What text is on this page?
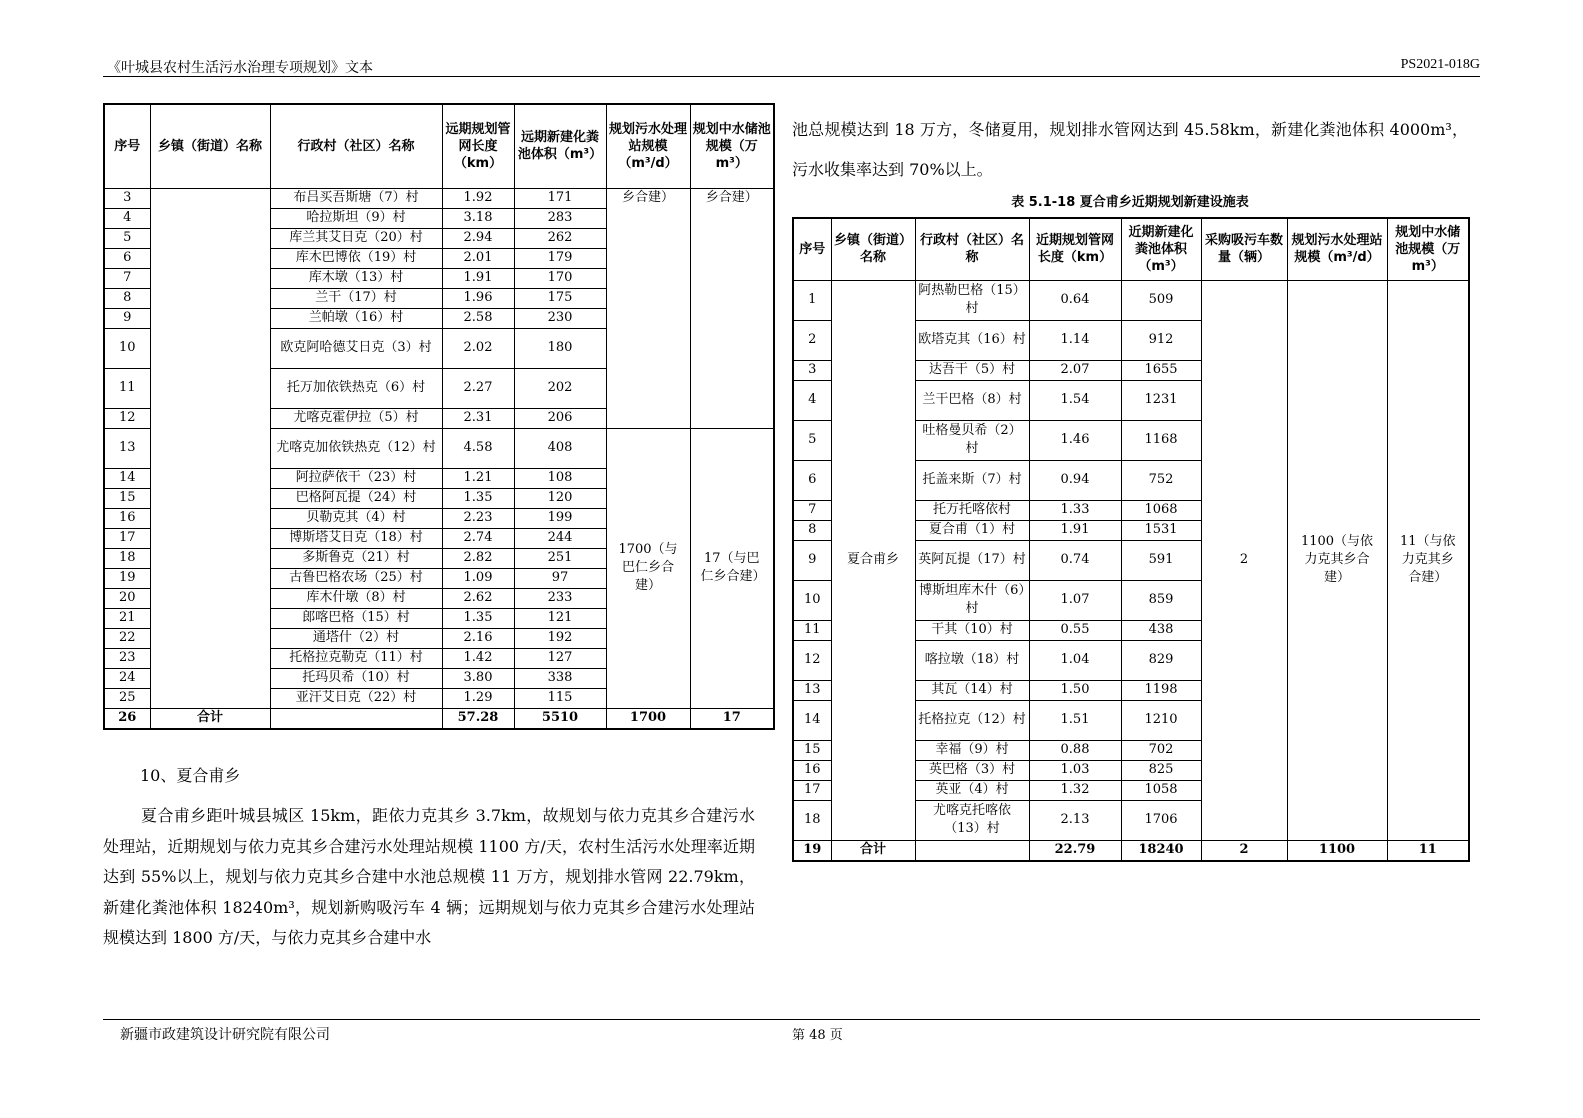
《叶城县农村生活污水治理专项规划》文本	PS2021-018G
序号	乡镇（街道）名称	行政村（社区）名称	远期规划管网长度（km）	远期新建化粪池体积（m³）	规划污水处理站规模（m³/d）	规划中水储池规模（万 m³）
3		布吕买吾斯塘（7）村	1.92	171	乡合建）	乡合建）
4		哈拉斯坦（9）村	3.18	283		
5		库兰其艾日克（20）村	2.94	262		
6		库木巴博依（19）村	2.01	179		
7		库木墩（13）村	1.91	170		
8		兰干（17）村	1.96	175		
9		兰帕墩（16）村	2.58	230		
10		欧克阿哈德艾日克（3）村	2.02	180		
11		托万加依铁热克（6）村	2.27	202		
12		尤喀克霍伊拉（5）村	2.31	206		
13		尤喀克加依铁热克（12）村	4.58	408	1700（与巴仁乡合建）	17（与巴仁乡合建）
14		阿拉萨依干（23）村	1.21	108		
15		巴格阿瓦提（24）村	1.35	120		
16		贝勒克其（4）村	2.23	199		
17		博斯塔艾日克（18）村	2.74	244		
18		多斯鲁克（21）村	2.82	251		
19		古鲁巴格农场（25）村	1.09	97		
20		库木什墩（8）村	2.62	233		
21		郎喀巴格（15）村	1.35	121		
22		通塔什（2）村	2.16	192		
23		托格拉克勒克（11）村	1.42	127		
24		托玛贝希（10）村	3.80	338		
25		亚汗艾日克（22）村	1.29	115		
26	合计		57.28	5510	1700	17
10、夏合甫乡
夏合甫乡距叶城县城区 15km，距依力克其乡 3.7km，故规划与依力克其乡合建污水处理站，近期规划与依力克其乡合建污水处理站规模 1100 方/天，农村生活污水处理率近期达到 55%以上，规划与依力克其乡合建中水池总规模 11 万方，规划排水管网 22.79km，新建化粪池体积 18240m³，规划新购吸污车 4 辆；远期规划与依力克其乡合建污水处理站规模达到 1800 方/天，与依力克其乡合建中水
池总规模达到 18 万方，冬储夏用，规划排水管网达到 45.58km，新建化粪池体积 4000m³，污水收集率达到 70%以上。
表 5.1-18 夏合甫乡近期规划新建设施表
序号	乡镇（街道）名称	行政村（社区）名称	近期规划管网长度（km）	近期新建化粪池体积（m³）	采购吸污车数量（辆）	规划污水处理站规模（m³/d）	规划中水储池规模（万 m³）
1	夏合甫乡	阿热勒巴格（15）村	0.64	509	2	1100（与依力克其乡合建）	11（与依力克其乡合建）
2		欧塔克其（16）村	1.14	912			
3		达吾干（5）村	2.07	1655			
4		兰干巴格（8）村	1.54	1231			
5		吐格曼贝希（2）村	1.46	1168			
6		托盖来斯（7）村	0.94	752			
7		托万托喀依村	1.33	1068			
8		夏合甫（1）村	1.91	1531			
9		英阿瓦提（17）村	0.74	591			
10		博斯坦库木什（6）村	1.07	859			
11		干其（10）村	0.55	438			
12		喀拉墩（18）村	1.04	829			
13		其瓦（14）村	1.50	1198			
14		托格拉克（12）村	1.51	1210			
15		幸福（9）村	0.88	702			
16		英巴格（3）村	1.03	825			
17		英亚（4）村	1.32	1058			
18		尤喀克托喀依（13）村	2.13	1706			
19	合计		22.79	18240	2	1100	11
新疆市政建筑设计研究院有限公司	第 48 页
